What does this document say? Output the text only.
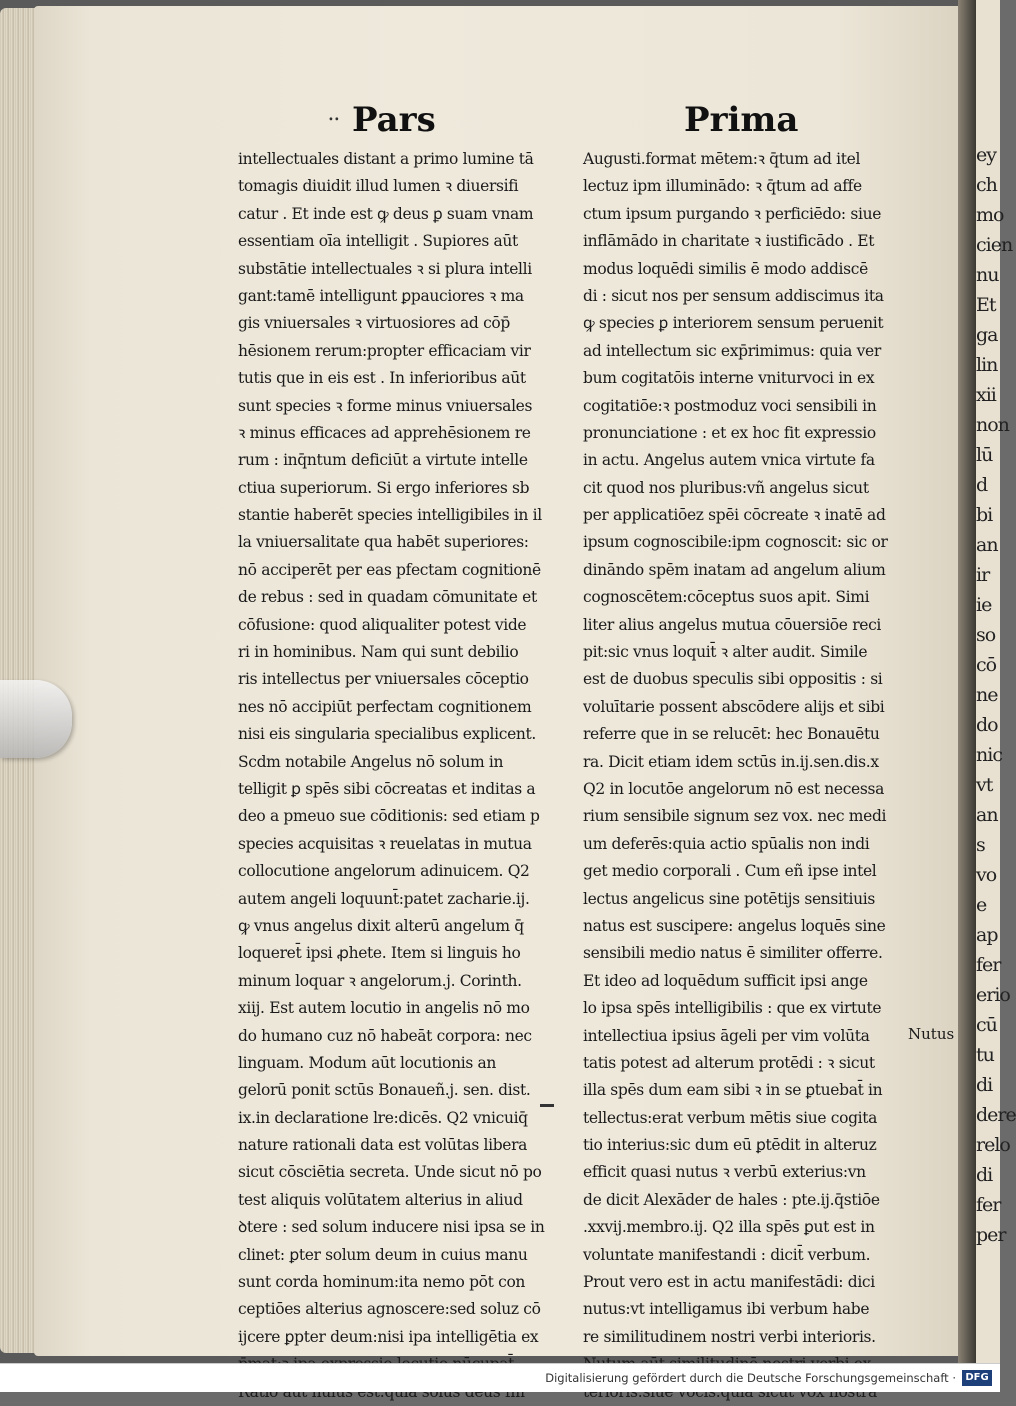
ey
ch
mo
cien
nu
Et
ga
lin
xii
non
lū
d
bi
an
ir
ie
so
cō
ne
do
nic
vt
an
s
vo
e
ap
fer
erio
cū
tu
di
dere
relo
di
fer
per
⸳⸳ Pars	Prima
intellectuales distant a primo lumine tā
tomagis diuidit illud lumen ꝛ diuersi̇fi
catur . Et inde est ꝙ deus ꝑ suam vnam
essentiam oīa intelligit . Supiores aūt
substātie intellectuales ꝛ si plura intelli
gant:tamē intelligunt ꝑpauciores ꝛ ma
gis vniuersales ꝛ virtuosiores ad cōp̄
hēsionem rerum:propter efficaciam vir
tutis que in eis est . In inferioribus aūt
sunt species ꝛ forme minus vniuersales
ꝛ minus efficaces ad apprehēsionem re
rum : inq̄ntum deficiūt a virtute intelle
ctiua superiorum. Si ergo inferiores sb
stantie haberēt species intelligibiles in il
la vniuersalitate qua habēt superiores:
nō acciperēt per eas pfectam cognitionē
de rebus : sed in quadam cōmunitate et
cōfusione: quod aliqualiter potest vide
ri in hominibus. Nam qui sunt debilio
ris intellectus per vniuersales cōceptio
nes nō accipiūt perfectam cognitionem
nisi eis singularia specialibus explicent.
Scdm notabile Angelus nō solum in
telligit ꝑ spēs sibi cōcreatas et inditas a
deo a pmeuo sue cōditionis: sed etiam p
species acquisitas ꝛ reuelatas in mutua
collocutione angelorum adinuicem. Q2
autem angeli loquunt̄:patet zacharie.ij.
ꝙ vnus angelus dixit alterū angelum q̄
loqueret̄ ipsi ꝓhete. Item si linguis ho
minum loquar ꝛ angelorum.j. Corinth.
xiij. Est autem locutio in angelis nō mo
do humano cuz nō habeāt corpora: nec
linguam. Modum aūt locutionis an
gelorū ponit sctūs Bonaueñ.j. sen. dist.
ix.in declaratione lre:dicēs. Q2 vnicuiq̄
nature rationali data est volūtas libera
sicut cōsciētia secreta. Unde sicut nō po
test aliquis volūtatem alterius in aliud
ꝺtere : sed solum inducere nisi ipsa se in
clinet: ꝑter solum deum in cuius manu
sunt corda hominum:ita nemo pōt con
ceptiōes alterius agnoscere:sed soluz cō
ijcere ꝑpter deum:nisi ipa intelligētia ex
Augusti.format mētem:ꝛ q̄tum ad itel
lectuz ipm illuminādo: ꝛ q̄tum ad affe
ctum ipsum purgando ꝛ perficiēdo: siue
inflāmādo in charitate ꝛ iustificādo . Et
modus loquēdi similis ē modo addiscē
di : sicut nos per sensum addiscimus ita
ꝙ species ꝑ interiorem sensum peruenit
ad intellectum sic exp̄rimimus: quia ver
bum cogitatōis interne vniturvoci in ex
cogitatiōe:ꝛ postmoduz voci sensibili in
pronunciatione : et ex hoc fit expressio
in actu. Angelus autem vnica virtute fa
cit quod nos pluribus:vñ angelus sicut
per applicatiōez spēi cōcreate ꝛ inatē ad
ipsum cognoscibile:ipm cognoscit: sic or
dināndo spēm inatam ad angelum alium
cognoscētem:cōceptus suos apit. Simi
liter alius angelus mutua cōuersiōe reci
pit:sic vnus loquit̄ ꝛ alter audit. Simile
est de duobus speculis sibi oppositis : si
voluītarie possent abscōdere alijs et sibi
referre que in se relucēt: hec Bonauētu
ra. Dicit etiam idem sctūs in.ij.sen.dis.x
Q2 in locutōe angelorum nō est necessa
rium sensibile signum sez vox. nec medi
um deferēs:quia actio spūalis non indi
get medio corporali . Cum eñ ipse intel
lectus angelicus sine potētijs sensitiuis
natus est suscipere: angelus loquēs sine
sensibili medio natus ē similiter offerre.
Et ideo ad loquēdum sufficit ipsi ange
lo ipsa spēs intelligibilis : que ex virtute
intellectiua ipsius āgeli per vim volūta
tatis potest ad alterum protēdi : ꝛ sicut
illa spēs dum eam sibi ꝛ in se ꝑtuebat̄ in
tellectus:erat verbum mētis siue cogita
tio interius:sic dum eū ꝑtēdit in alteruz
efficit quasi nutus ꝛ verbū exterius:vn
de dicit Alexāder de hales : pte.ij.q̄stiōe
.xxvij.membro.ij. Q2 illa spēs ꝑut est in
voluntate manifestandi : dicit̄ verbum.
Prout vero est in actu manifestādi: dici
nutus:vt intelligamus ibi verbum habe
re similitudinem nostri verbi interioris.
Nutus
Digitalisierung gefördert durch die Deutsche Forschungsgemeinschaft · DFG
